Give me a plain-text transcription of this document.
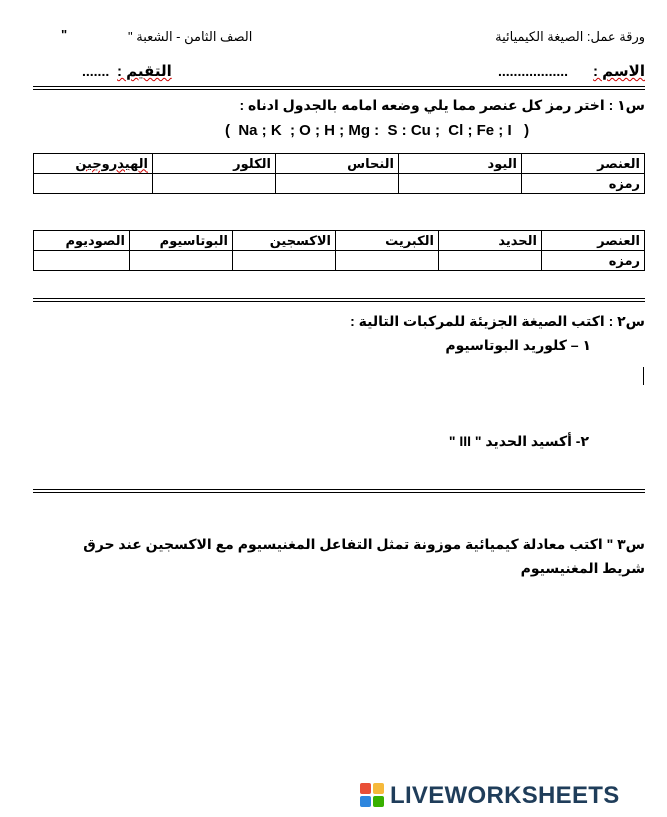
ورقة عمل: الصيغة الكيميائية
الصف الثامن - الشعبة "
"
الاسم :
..................
التقيم :
.......
س١ : اختر رمز كل عنصر مما يلي وضعه امامه بالجدول ادناه :
(  Na ; K  ; O ; H ; Mg :  S : Cu ;  Cl ; Fe ; I   )
العنصر	اليود	النحاس	الكلور	الهيدروجين
رمزه				
العنصر	الحديد	الكبريت	الاكسجين	البوتاسيوم	الصوديوم
رمزه					
س٢ : اكتب الصيغة الجزيئة للمركبات التالية :
١ – كلوريد البوتاسيوم
٢- أكسيد الحديد " III "
س٣ " اكتب معادلة كيميائية موزونة تمثل التفاعل المغنيسيوم مع الاكسجين عند حرق
شريط المغنيسيوم
LIVEWORKSHEETS
